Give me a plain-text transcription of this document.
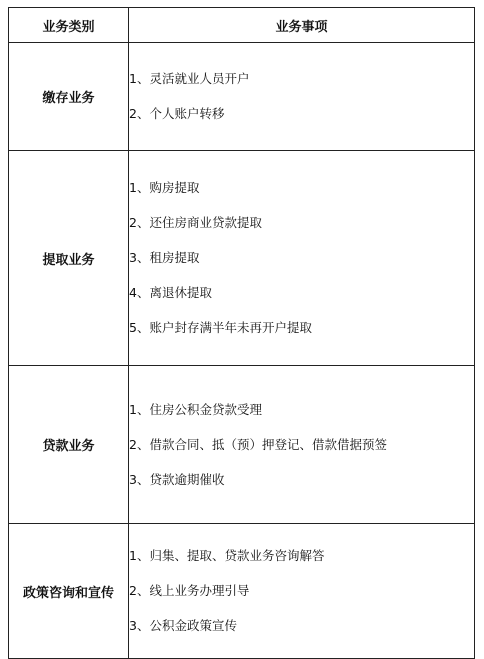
业务类别	业务事项
缴存业务	1、灵活就业人员开户
2、个人账户转移

提取业务	1、购房提取
2、还住房商业贷款提取
3、租房提取
4、离退休提取
5、账户封存满半年未再开户提取

贷款业务	1、住房公积金贷款受理
2、借款合同、抵（预）押登记、借款借据预签
3、贷款逾期催收

政策咨询和宣传	1、归集、提取、贷款业务咨询解答
2、线上业务办理引导
3、公积金政策宣传
